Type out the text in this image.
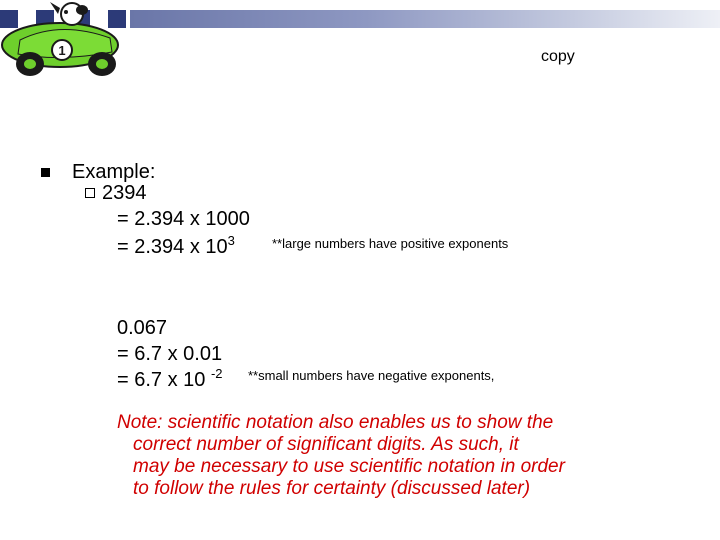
1	copy
Example:
2394
= 2.394 x 1000
= 2.394 x $10^3$	**large numbers have positive exponents
0.067
= 6.7 x 0.01
= 6.7 x 10 $^{-2}$ **small numbers have negative exponents,

Note: scientific notation also enables us to show the

correct number of significant digits. As such, it

may be necessary to use scientific notation in order

to follow the rules for certainty (discussed later)
